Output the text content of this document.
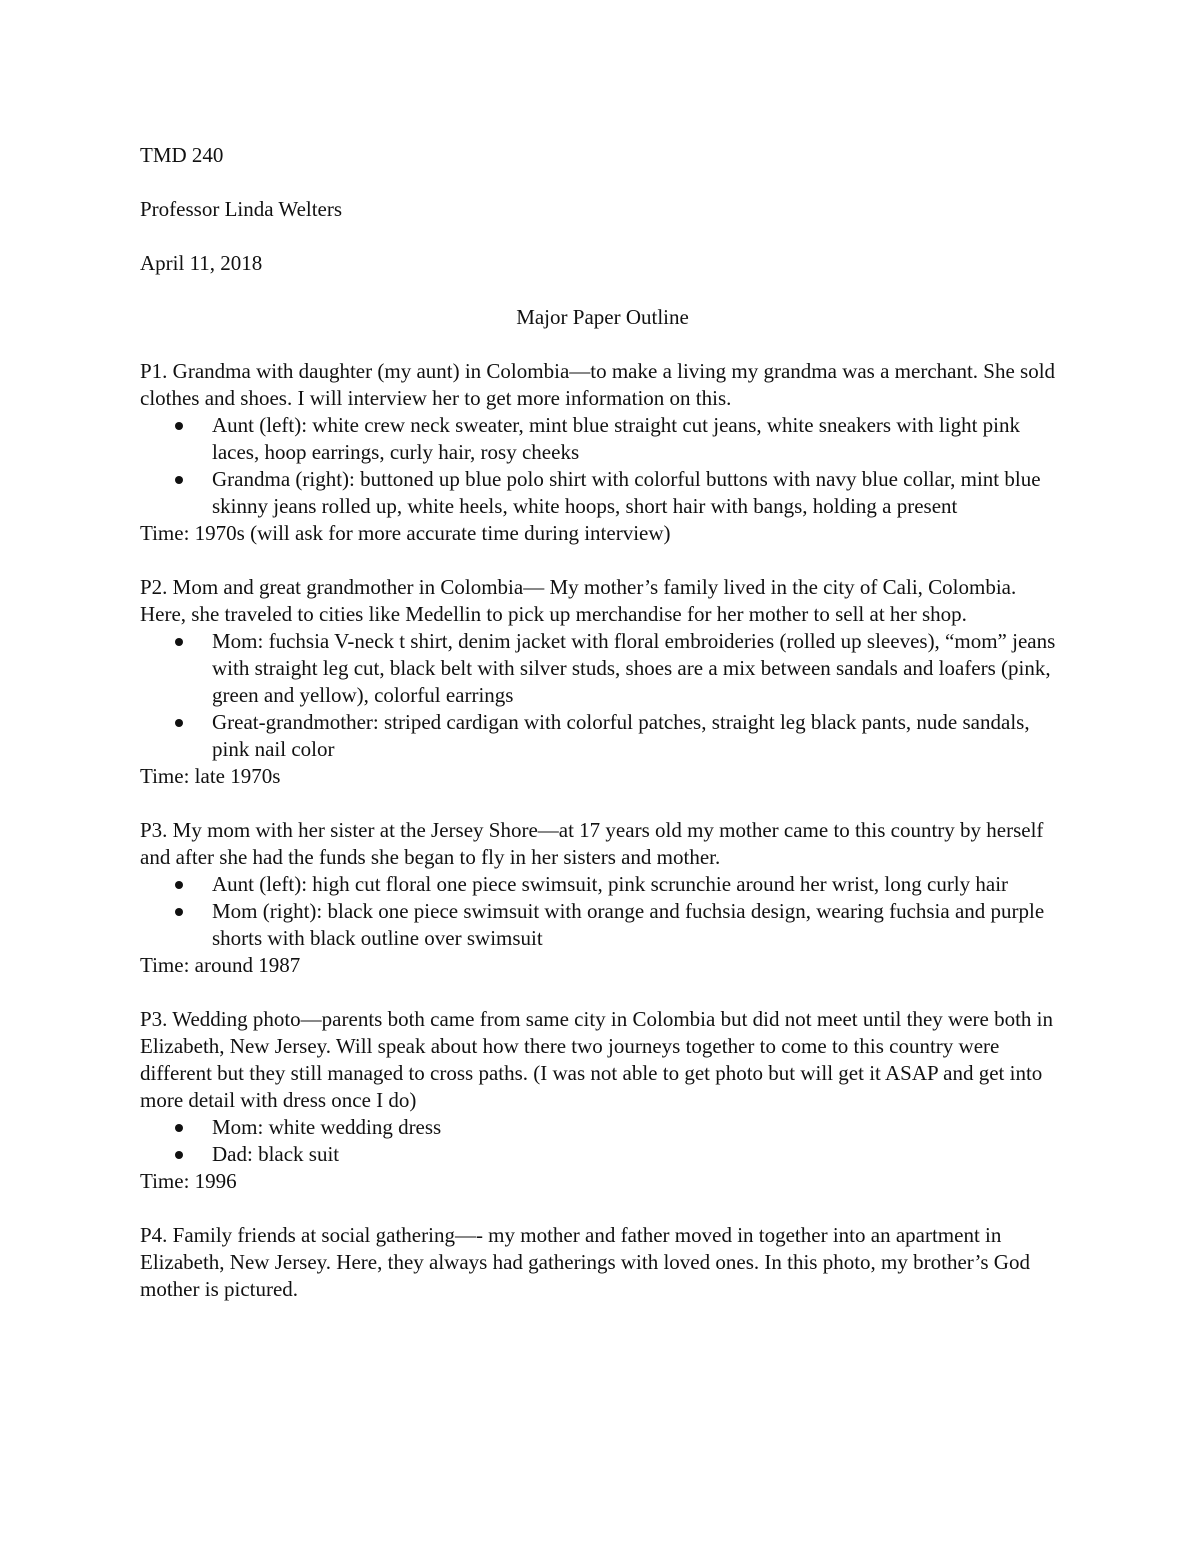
TMD 240

Professor Linda Welters

April 11, 2018

Major Paper Outline

P1. Grandma with daughter (my aunt) in Colombia—to make a living my grandma was a merchant. She sold clothes and shoes. I will interview her to get more information on this.

Aunt (left): white crew neck sweater, mint blue straight cut jeans, white sneakers with light pink laces, hoop earrings, curly hair, rosy cheeks
Grandma (right): buttoned up blue polo shirt with colorful buttons with navy blue collar, mint blue skinny jeans rolled up, white heels, white hoops, short hair with bangs, holding a present

Time: 1970s (will ask for more accurate time during interview)

P2. Mom and great grandmother in Colombia— My mother’s family lived in the city of Cali, Colombia. Here, she traveled to cities like Medellin to pick up merchandise for her mother to sell at her shop.

Mom: fuchsia V-neck t shirt, denim jacket with floral embroideries (rolled up sleeves), “mom” jeans with straight leg cut, black belt with silver studs, shoes are a mix between sandals and loafers (pink, green and yellow), colorful earrings
Great-grandmother: striped cardigan with colorful patches, straight leg black pants, nude sandals, pink nail color

Time: late 1970s

P3. My mom with her sister at the Jersey Shore—at 17 years old my mother came to this country by herself and after she had the funds she began to fly in her sisters and mother.

Aunt (left): high cut floral one piece swimsuit, pink scrunchie around her wrist, long curly hair
Mom (right): black one piece swimsuit with orange and fuchsia design, wearing fuchsia and purple shorts with black outline over swimsuit

Time: around 1987

P3. Wedding photo—parents both came from same city in Colombia but did not meet until they were both in Elizabeth, New Jersey. Will speak about how there two journeys together to come to this country were different but they still managed to cross paths. (I was not able to get photo but will get it ASAP and get into more detail with dress once I do)

Mom: white wedding dress
Dad: black suit

Time: 1996

P4. Family friends at social gathering—- my mother and father moved in together into an apartment in Elizabeth, New Jersey. Here, they always had gatherings with loved ones. In this photo, my brother’s God mother is pictured.
